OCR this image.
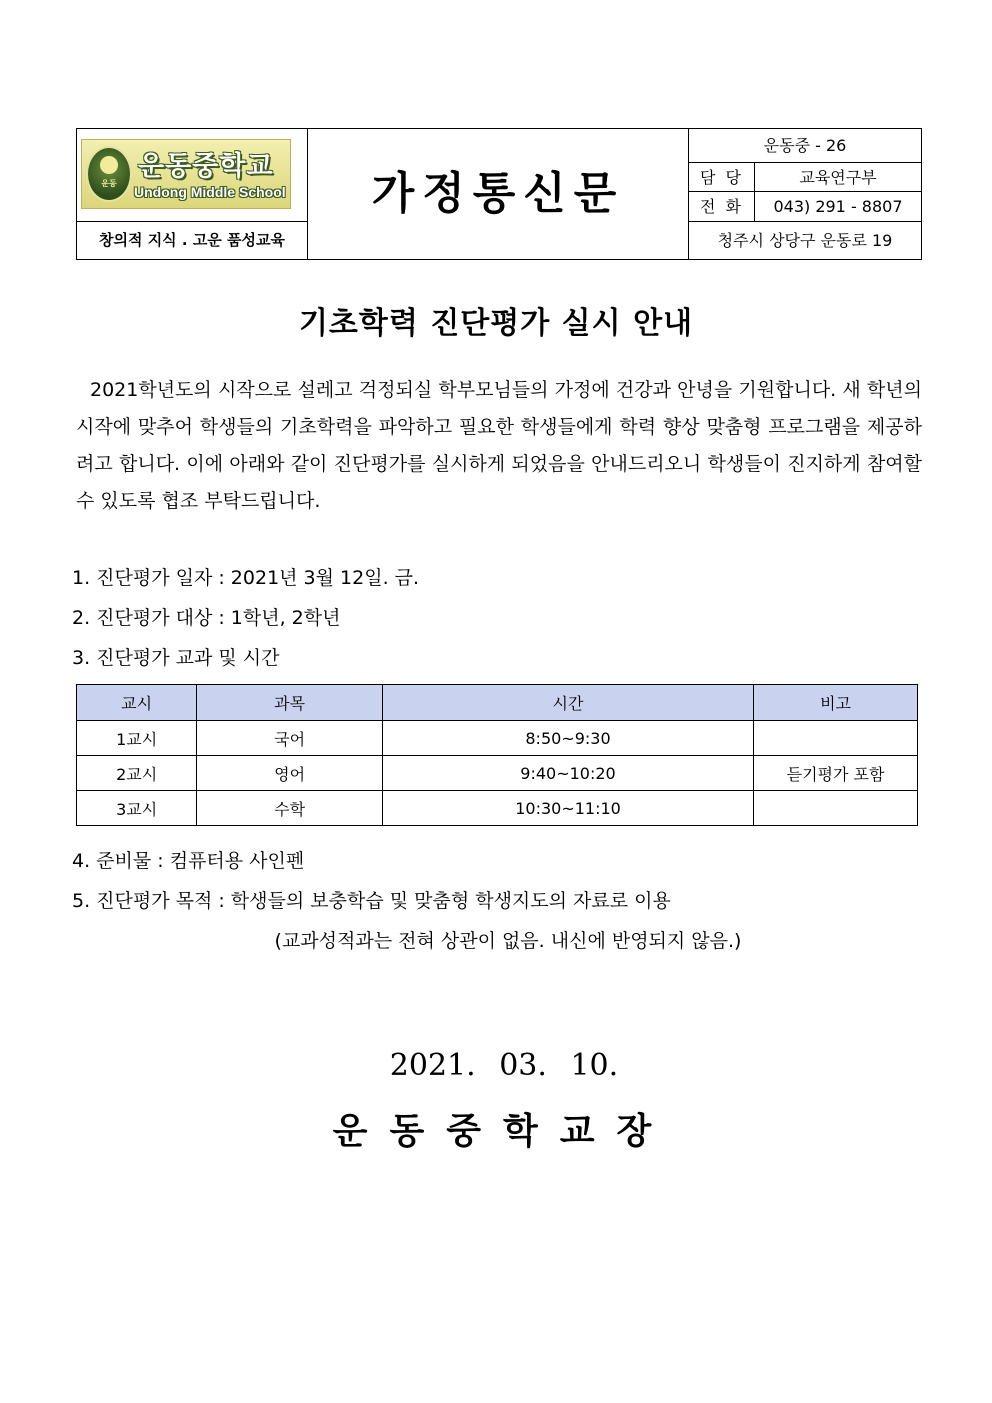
운동
운동중학교
Undong Middle School
창의적 지식 . 고운 품성교육
가정통신문
운동중 - 26
담당	교육연구부
전화	043) 291 - 8807
청주시 상당구 운동로 19
기초학력 진단평가 실시 안내
2021학년도의 시작으로 설레고 걱정되실 학부모님들의 가정에 건강과 안녕을 기원합니다. 새 학년의 시작에 맞추어 학생들의 기초학력을 파악하고 필요한 학생들에게 학력 향상 맞춤형 프로그램을 제공하려고 합니다. 이에 아래와 같이 진단평가를 실시하게 되었음을 안내드리오니 학생들이 진지하게 참여할 수 있도록 협조 부탁드립니다.
1. 진단평가 일자 : 2021년 3월 12일. 금.
2. 진단평가 대상 : 1학년, 2학년
3. 진단평가 교과 및 시간
교시	과목	시간	비고
1교시	국어	8:50~9:30	
2교시	영어	9:40~10:20	듣기평가 포함
3교시	수학	10:30~11:10	
4. 준비물 : 컴퓨터용 사인펜
5. 진단평가 목적 : 학생들의 보충학습 및 맞춤형 학생지도의 자료로 이용
(교과성적과는 전혀 상관이 없음. 내신에 반영되지 않음.)
2021. 03. 10.
운동중학교장
